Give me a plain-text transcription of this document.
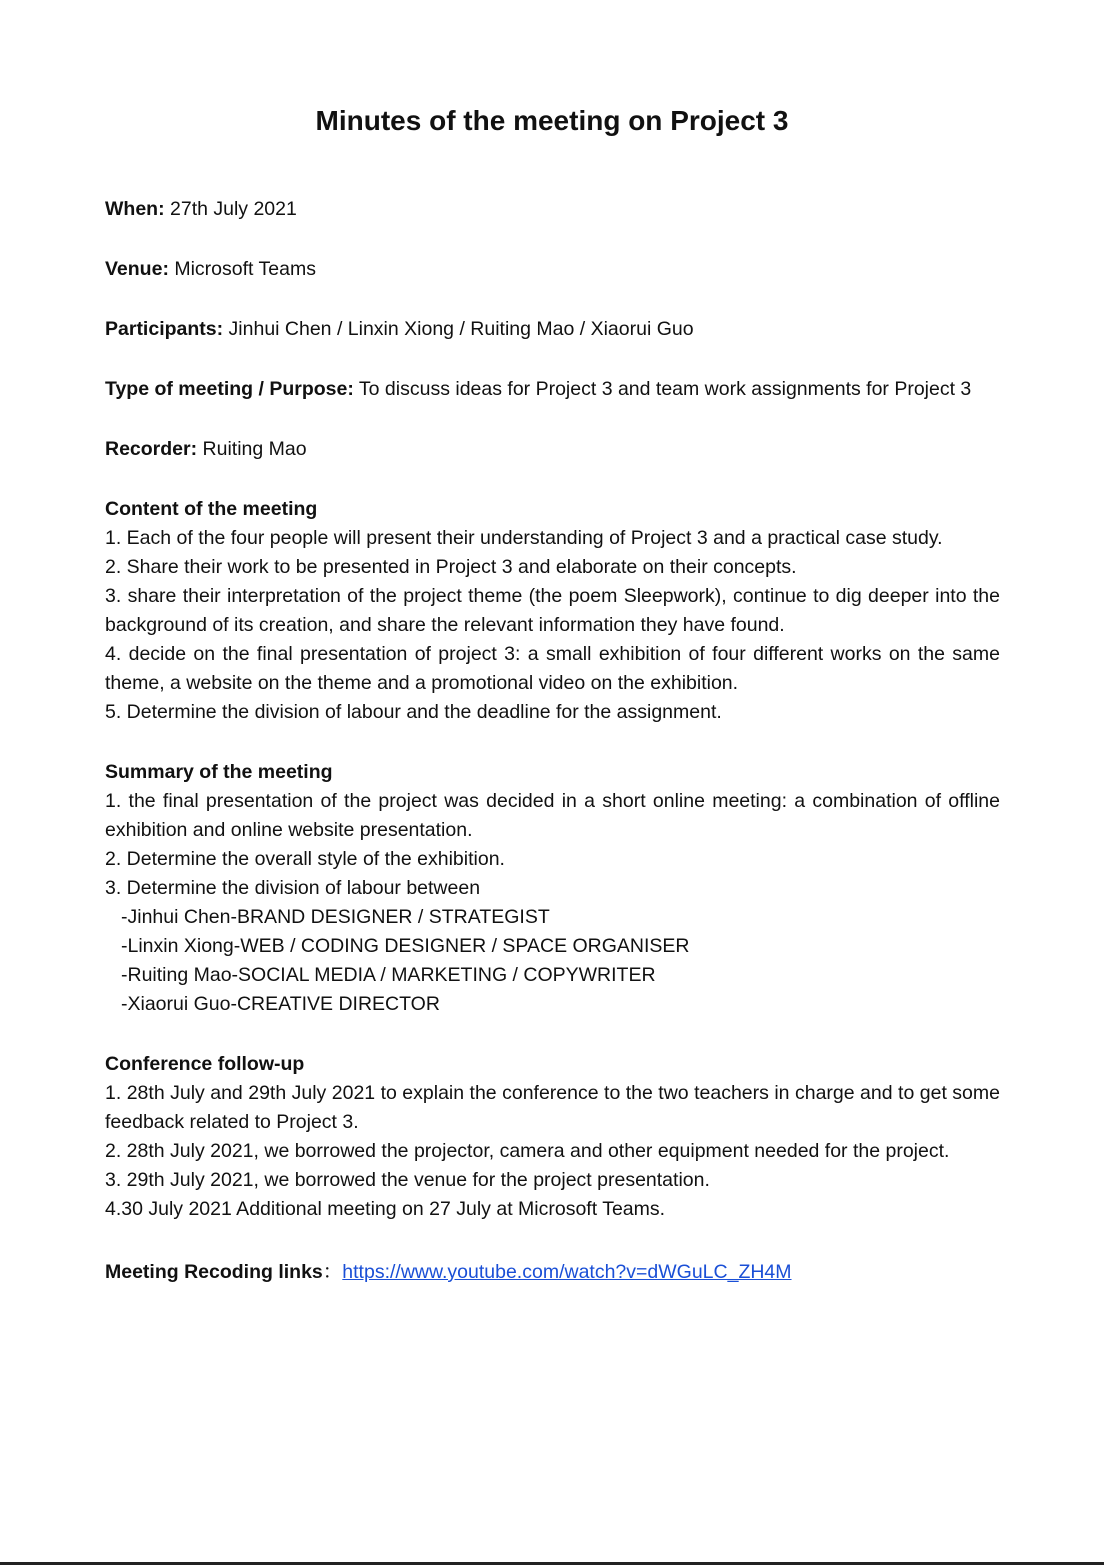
Minutes of the meeting on Project 3

When: 27th July 2021

Venue: Microsoft Teams

Participants: Jinhui Chen / Linxin Xiong / Ruiting Mao / Xiaorui Guo

Type of meeting / Purpose: To discuss ideas for Project 3 and team work assignments for Project 3

Recorder: Ruiting Mao

Content of the meeting
1. Each of the four people will present their understanding of Project 3 and a practical case study.
2. Share their work to be presented in Project 3 and elaborate on their concepts.
3. share their interpretation of the project theme (the poem Sleepwork), continue to dig deeper into the background of its creation, and share the relevant information they have found.
4. decide on the final presentation of project 3: a small exhibition of four different works on the same theme, a website on the theme and a promotional video on the exhibition.
5. Determine the division of labour and the deadline for the assignment.
Summary of the meeting
1. the final presentation of the project was decided in a short online meeting: a combination of offline exhibition and online website presentation.
2. Determine the overall style of the exhibition.
3. Determine the division of labour between
-Jinhui Chen-BRAND DESIGNER / STRATEGIST
-Linxin Xiong-WEB / CODING DESIGNER / SPACE ORGANISER
-Ruiting Mao-SOCIAL MEDIA / MARKETING / COPYWRITER
-Xiaorui Guo-CREATIVE DIRECTOR
Conference follow-up
1. 28th July and 29th July 2021 to explain the conference to the two teachers in charge and to get some feedback related to Project 3.
2. 28th July 2021, we borrowed the projector, camera and other equipment needed for the project.
3. 29th July 2021, we borrowed the venue for the project presentation.
4.30 July 2021 Additional meeting on 27 July at Microsoft Teams.

Meeting Recoding links：https://www.youtube.com/watch?v=dWGuLC_ZH4M
